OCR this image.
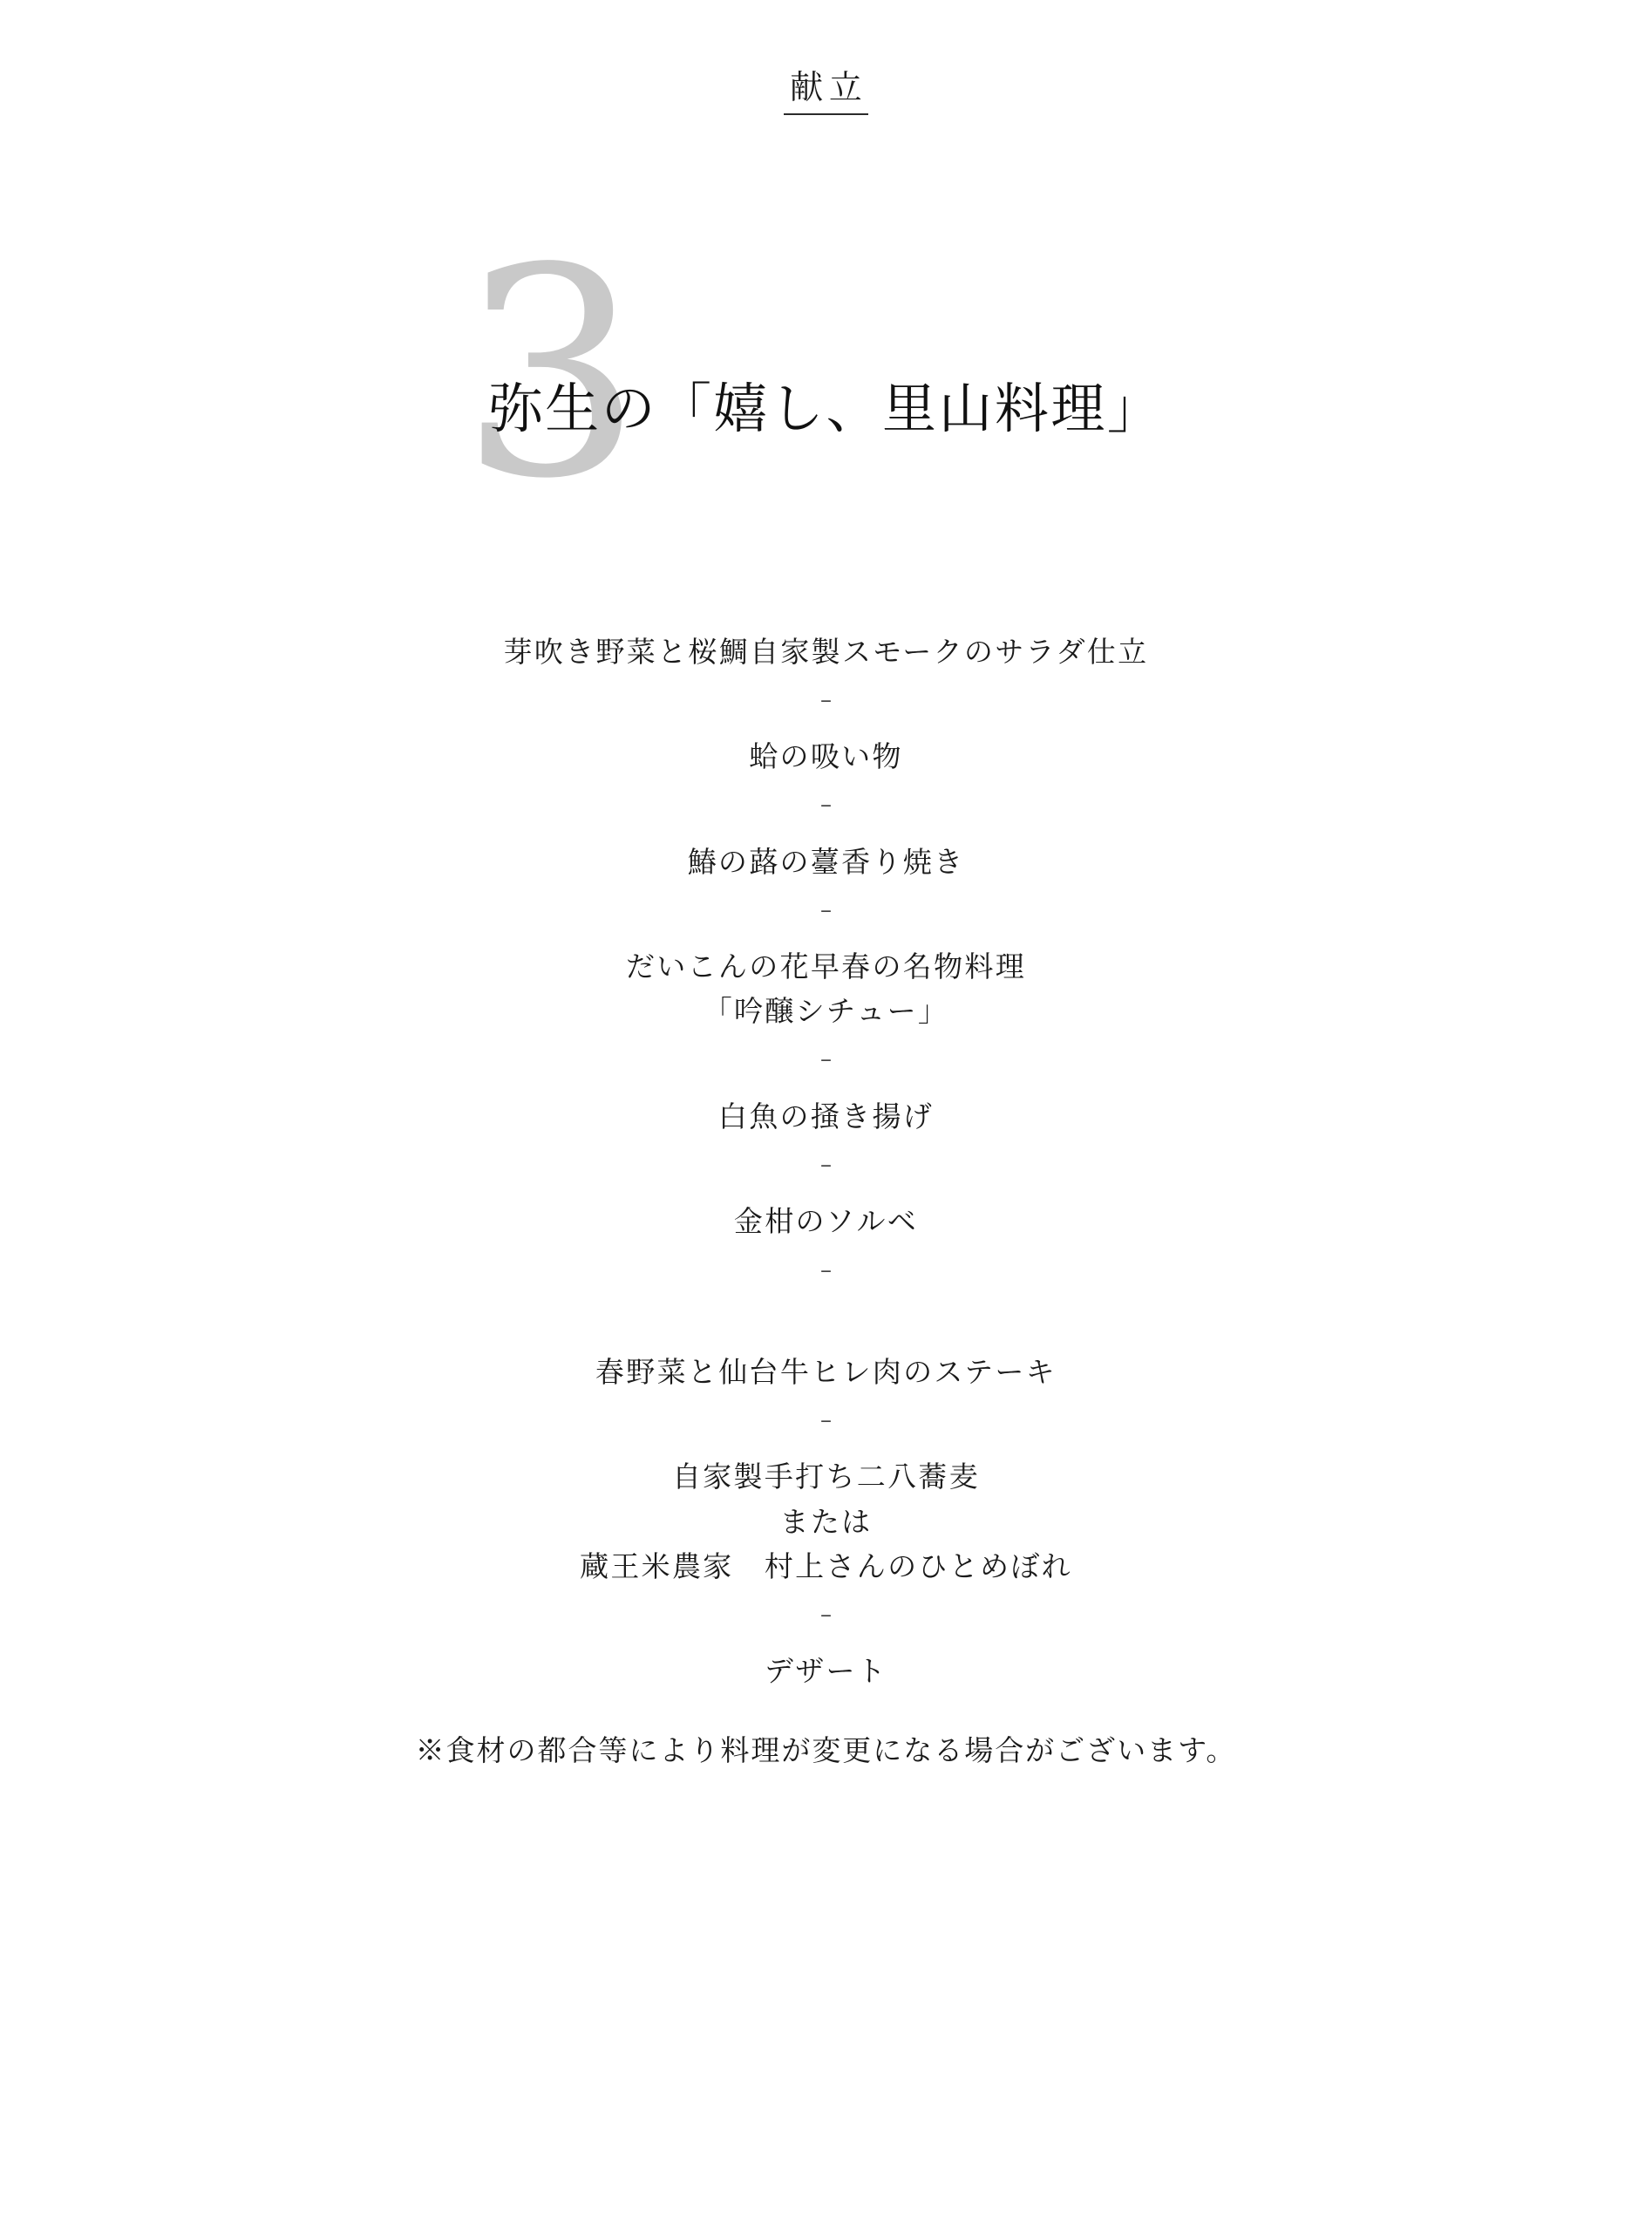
献立
3
弥生の「嬉し、里山料理」
芽吹き野菜と桜鯛自家製スモークのサラダ仕立
–
蛤の吸い物
–
鰆の蕗の薹香り焼き
–
だいこんの花早春の名物料理
「吟醸シチュー」
–
白魚の掻き揚げ
–
金柑のソルベ
–
春野菜と仙台牛ヒレ肉のステーキ
–
自家製手打ち二八蕎麦
または
蔵王米農家　村上さんのひとめぼれ
–
デザート
※食材の都合等により料理が変更になる場合がございます。
